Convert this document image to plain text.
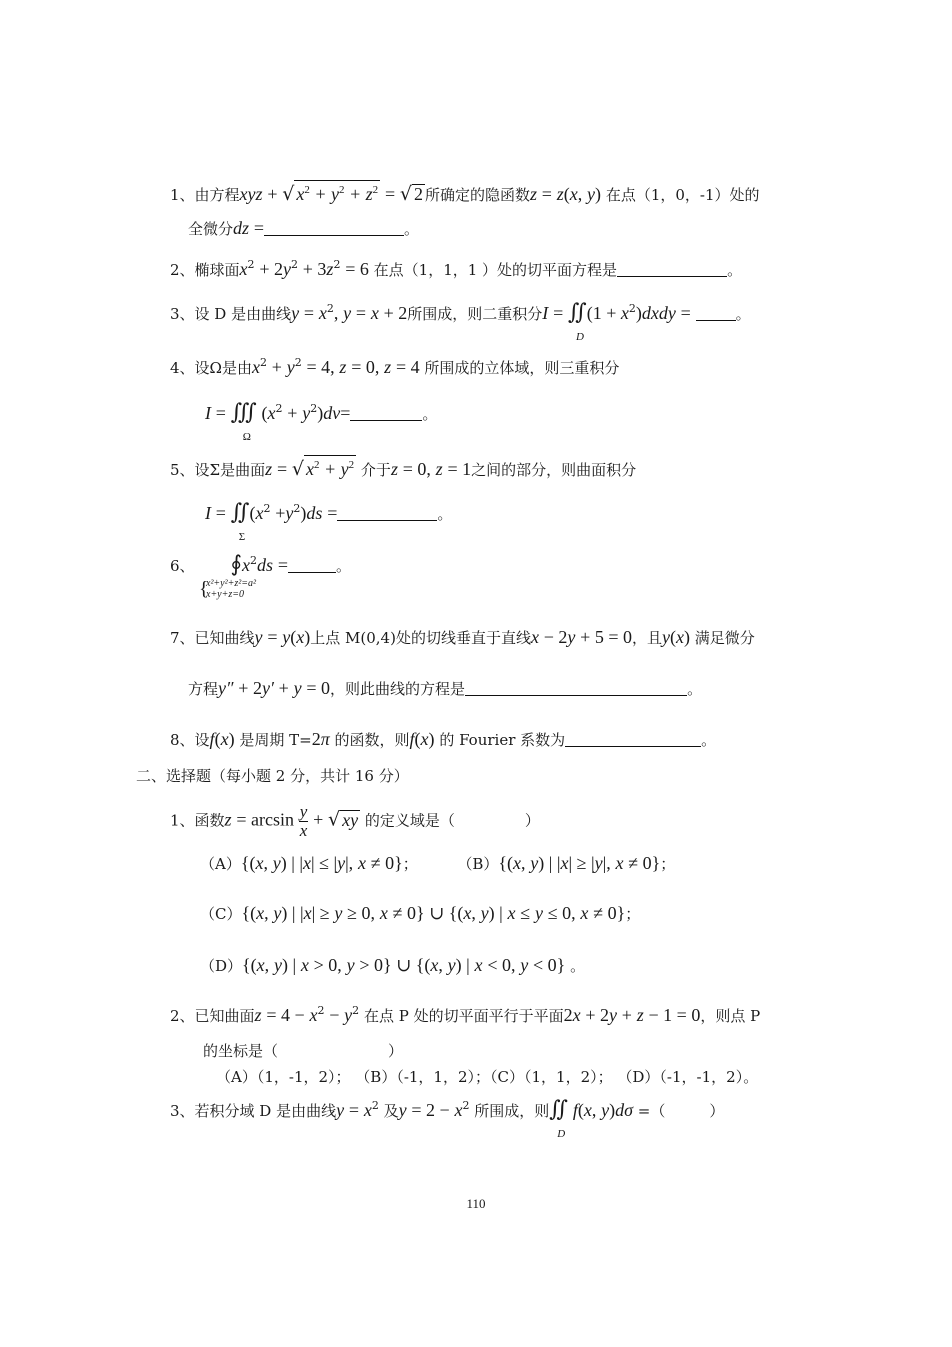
1、由方程xyz + √ $x^2 + y^2 + z^2$ = √ 2 所确定的隐函数z = z(x, y) 在点（1，0，-1）处的
全微分dz =	。
2、椭球面$x^2 + 2y^2 + 3z^2 = 6$ 在点（1，1，1 ）处的切平面方程是	。
3、设 D 是由曲线$y = x^2$, y = x + 2所围成，则二重积分I = ∬
D
$(1 + x^2)dxdy$ =	。
4、设Ω是由$x^2 + y^2 = 4$, z = 0, z = 4 所围成的立体域，则三重积分
I = ∭
Ω
$(x^2 + y^2)dv=$	。
5、设Σ是曲面z = √ $x^2 + y^2$ 介于z = 0, z = 1之间的部分，则曲面积分
I = ∬
Σ
$(x^2 +y^2)ds$ =	。
6、 $∮x^2ds$ =	。
{
x²+y²+z²=a²
x+y+z=0
7、已知曲线y = y(x)上点 M(0,4)处的切线垂直于直线x − 2y + 5 = 0，且y(x) 满足微分
方程y″ + 2y′ + y = 0，则此曲线的方程是	。
8、设f(x) 是周期 T=2π 的函数，则f(x) 的 Fourier 系数为	。
二、选择题（每小题 2 分，共计 16 分）
1、函数$z = \arcsin \frac{y}{x}$ + √ xy 的定义域是（	）
（A）{(x, y) | |x| ≤ |y|, x ≠ 0}；	（B）{(x, y) | |x| ≥ |y|, x ≠ 0}；
（C）{(x, y) | |x| ≥ y ≥ 0, x ≠ 0} ∪ {(x, y) | x ≤ y ≤ 0, x ≠ 0}；
（D）{(x, y) | x > 0, y > 0} ∪ {(x, y) | x < 0, y < 0} 。
2、已知曲面$z = 4 - x^2 - y^2$ 在点 P 处的切平面平行于平面2x + 2y + z − 1 = 0，则点 P
的坐标是（	）
（A）（1，-1，2）； （B）（-1，1，2）；（C）（1，1，2）； （D）（-1，-1，2）。
3、若积分域 D 是由曲线$y = x^2$ 及$y = 2 - x^2$ 所围成，则∬
D
f(x, y)dσ =（	）
110
